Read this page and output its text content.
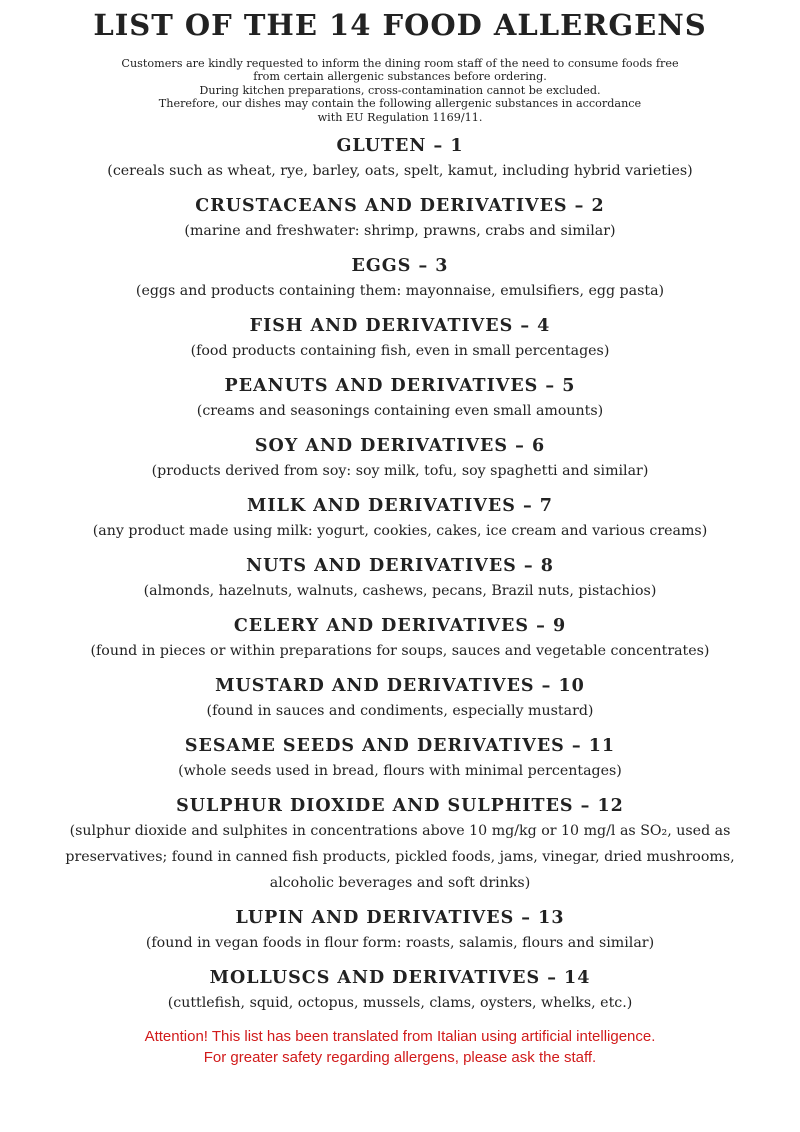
LIST OF THE 14 FOOD ALLERGENS
Customers are kindly requested to inform the dining room staff of the need to consume foods free
from certain allergenic substances before ordering.
During kitchen preparations, cross-contamination cannot be excluded.
Therefore, our dishes may contain the following allergenic substances in accordance
with EU Regulation 1169/11.
GLUTEN – 1
(cereals such as wheat, rye, barley, oats, spelt, kamut, including hybrid varieties)
CRUSTACEANS AND DERIVATIVES – 2
(marine and freshwater: shrimp, prawns, crabs and similar)
EGGS – 3
(eggs and products containing them: mayonnaise, emulsifiers, egg pasta)
FISH AND DERIVATIVES – 4
(food products containing fish, even in small percentages)
PEANUTS AND DERIVATIVES – 5
(creams and seasonings containing even small amounts)
SOY AND DERIVATIVES – 6
(products derived from soy: soy milk, tofu, soy spaghetti and similar)
MILK AND DERIVATIVES – 7
(any product made using milk: yogurt, cookies, cakes, ice cream and various creams)
NUTS AND DERIVATIVES – 8
(almonds, hazelnuts, walnuts, cashews, pecans, Brazil nuts, pistachios)
CELERY AND DERIVATIVES – 9
(found in pieces or within preparations for soups, sauces and vegetable concentrates)
MUSTARD AND DERIVATIVES – 10
(found in sauces and condiments, especially mustard)
SESAME SEEDS AND DERIVATIVES – 11
(whole seeds used in bread, flours with minimal percentages)
SULPHUR DIOXIDE AND SULPHITES – 12
(sulphur dioxide and sulphites in concentrations above 10 mg/kg or 10 mg/l as SO₂, used as preservatives; found in canned fish products, pickled foods, jams, vinegar, dried mushrooms, alcoholic beverages and soft drinks)
LUPIN AND DERIVATIVES – 13
(found in vegan foods in flour form: roasts, salamis, flours and similar)
MOLLUSCS AND DERIVATIVES – 14
(cuttlefish, squid, octopus, mussels, clams, oysters, whelks, etc.)
Attention! This list has been translated from Italian using artificial intelligence.
For greater safety regarding allergens, please ask the staff.
